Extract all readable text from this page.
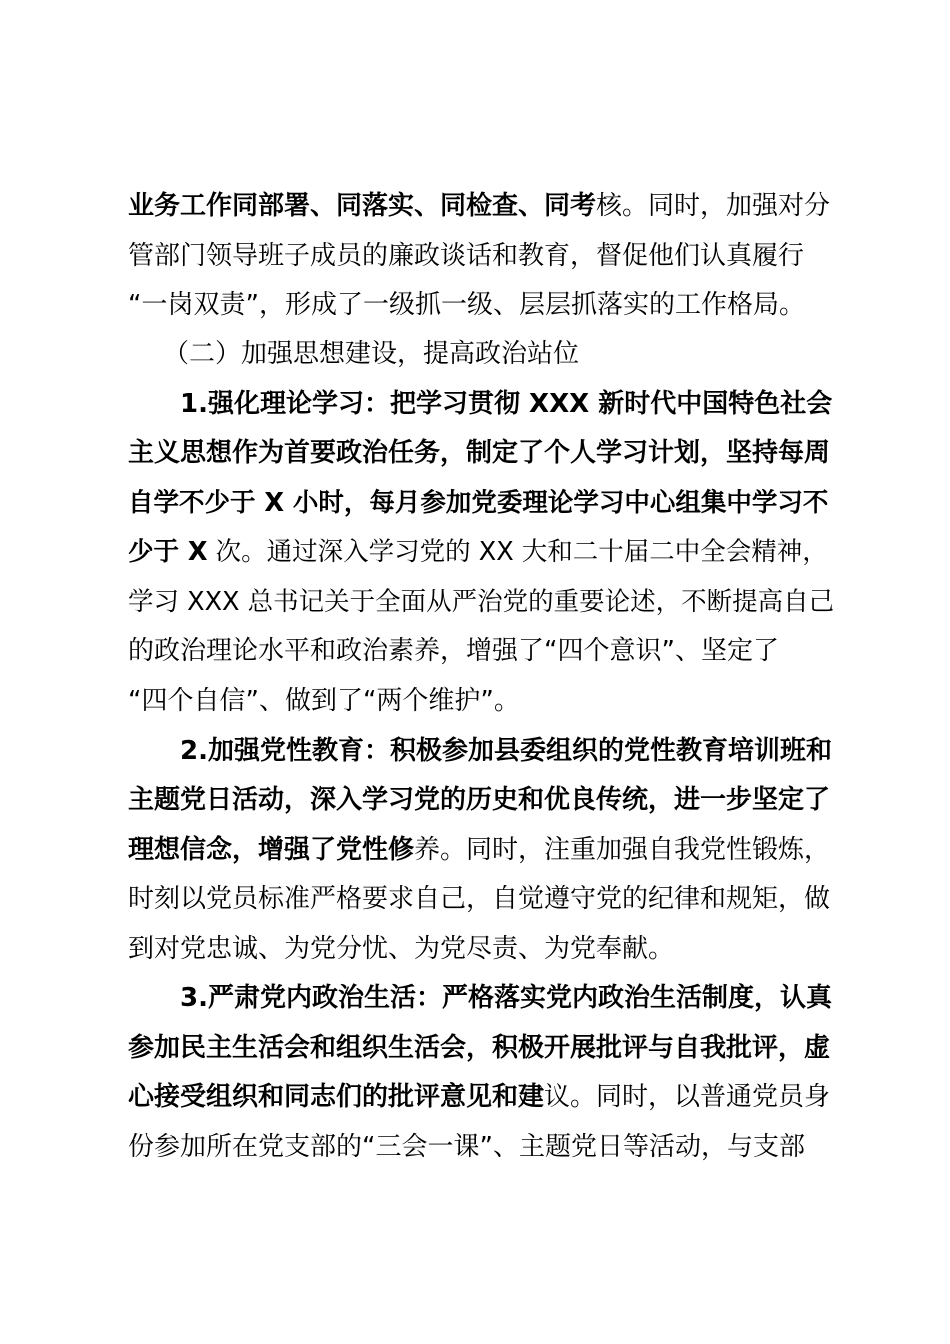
业务工作同部署、同落实、同检查、同考核。同时，加强对分
管部门领导班子成员的廉政谈话和教育，督促他们认真履行
“一岗双责”，形成了一级抓一级、层层抓落实的工作格局。
（二）加强思想建设，提高政治站位
1.强化理论学习：把学习贯彻 XXX 新时代中国特色社会
主义思想作为首要政治任务，制定了个人学习计划，坚持每周
自学不少于 X 小时，每月参加党委理论学习中心组集中学习不
少于 X 次。通过深入学习党的 XX 大和二十届二中全会精神，
学习 XXX 总书记关于全面从严治党的重要论述，不断提高自己
的政治理论水平和政治素养，增强了“四个意识”、坚定了
“四个自信”、做到了“两个维护”。
2.加强党性教育：积极参加县委组织的党性教育培训班和
主题党日活动，深入学习党的历史和优良传统，进一步坚定了
理想信念，增强了党性修养。同时，注重加强自我党性锻炼，
时刻以党员标准严格要求自己，自觉遵守党的纪律和规矩，做
到对党忠诚、为党分忧、为党尽责、为党奉献。
3.严肃党内政治生活：严格落实党内政治生活制度，认真
参加民主生活会和组织生活会，积极开展批评与自我批评，虚
心接受组织和同志们的批评意见和建议。同时，以普通党员身
份参加所在党支部的“三会一课”、主题党日等活动，与支部
